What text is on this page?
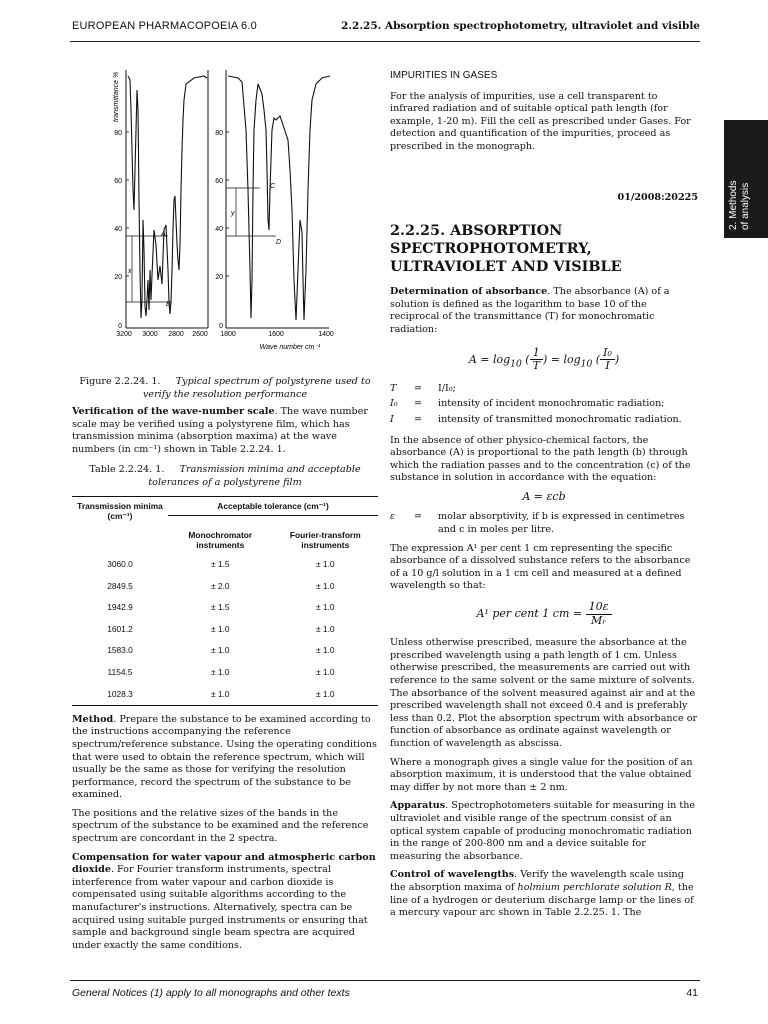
EUROPEAN PHARMACOPOEIA 6.0	2.2.25. Absorption spectrophotometry, ultraviolet and visible
2. Methods of analysis
transmittance %
80
60
40
20
0
80
60
40
20
0
3200 3000 2800 2600 1800	1600	1400
Wave number cm⁻¹
A
B
C
D
x
y
Figure 2.2.24. 1. Typical spectrum of polystyrene used to verify the resolution performance

Verification of the wave-number scale. The wave number scale may be verified using a polystyrene film, which has transmission minima (absorption maxima) at the wave numbers (in cm⁻¹) shown in Table 2.2.24. 1.

Table 2.2.24. 1. Transmission minima and acceptable tolerances of a polystyrene film

Transmission minima (cm⁻¹)	Acceptable tolerance (cm⁻¹)	
	Monochromator instruments	Fourier-transform instruments
3060.0	± 1.5	± 1.0
2849.5	± 2.0	± 1.0
1942.9	± 1.5	± 1.0
1601.2	± 1.0	± 1.0
1583.0	± 1.0	± 1.0
1154.5	± 1.0	± 1.0
1028.3	± 1.0	± 1.0

Method. Prepare the substance to be examined according to the instructions accompanying the reference spectrum/reference substance. Using the operating conditions that were used to obtain the reference spectrum, which will usually be the same as those for verifying the resolution performance, record the spectrum of the substance to be examined.

The positions and the relative sizes of the bands in the spectrum of the substance to be examined and the reference spectrum are concordant in the 2 spectra.

Compensation for water vapour and atmospheric carbon dioxide. For Fourier transform instruments, spectral interference from water vapour and carbon dioxide is compensated using suitable algorithms according to the manufacturer's instructions. Alternatively, spectra can be acquired using suitable purged instruments or ensuring that sample and background single beam spectra are acquired under exactly the same conditions.

IMPURITIES IN GASES

For the analysis of impurities, use a cell transparent to infrared radiation and of suitable optical path length (for example, 1-20 m). Fill the cell as prescribed under Gases. For detection and quantification of the impurities, proceed as prescribed in the monograph.

01/2008:20225
2.2.25. ABSORPTION SPECTROPHOTOMETRY, ULTRAVIOLET AND VISIBLE

Determination of absorbance. The absorbance (A) of a solution is defined as the logarithm to base 10 of the reciprocal of the transmittance (T) for monochromatic radiation:

$A = \log_{10}$ ( $\frac{1}{T}$ ) = $\log_{10}$ ( $\frac{\text{I₀}}{I}$ )
T	=	I/I₀;
I₀	=	intensity of incident monochromatic radiation;
I	=	intensity of transmitted monochromatic radiation.

In the absence of other physico-chemical factors, the absorbance (A) is proportional to the path length (b) through which the radiation passes and to the concentration (c) of the substance in solution in accordance with the equation:

A = εcb
ε	=	molar absorptivity, if b is expressed in centimetres and c in moles per litre.

The expression A¹ per cent 1 cm representing the specific absorbance of a dissolved substance refers to the absorbance of a 10 g/l solution in a 1 cm cell and measured at a defined wavelength so that:

A¹ per cent 1 cm = $\frac{10\varepsilon}{\text{Mᵣ}}$

Unless otherwise prescribed, measure the absorbance at the prescribed wavelength using a path length of 1 cm. Unless otherwise prescribed, the measurements are carried out with reference to the same solvent or the same mixture of solvents. The absorbance of the solvent measured against air and at the prescribed wavelength shall not exceed 0.4 and is preferably less than 0.2. Plot the absorption spectrum with absorbance or function of absorbance as ordinate against wavelength or function of wavelength as abscissa.

Where a monograph gives a single value for the position of an absorption maximum, it is understood that the value obtained may differ by not more than ± 2 nm.

Apparatus. Spectrophotometers suitable for measuring in the ultraviolet and visible range of the spectrum consist of an optical system capable of producing monochromatic radiation in the range of 200-800 nm and a device suitable for measuring the absorbance.

Control of wavelengths. Verify the wavelength scale using the absorption maxima of holmium perchlorate solution R, the line of a hydrogen or deuterium discharge lamp or the lines of a mercury vapour arc shown in Table 2.2.25. 1. The

General Notices (1) apply to all monographs and other texts	41
